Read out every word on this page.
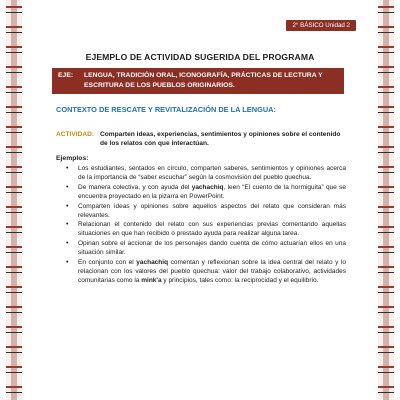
2° BÁSICO Unidad 2
EJEMPLO DE ACTIVIDAD SUGERIDA DEL PROGRAMA
EJE:	LENGUA, TRADICIÓN ORAL, ICONOGRAFÍA, PRÁCTICAS DE LECTURA Y ESCRITURA DE LOS PUEBLOS ORIGINARIOS.
CONTEXTO DE RESCATE Y REVITALIZACIÓN DE LA LENGUA:
ACTIVIDAD: Comparten ideas, experiencias, sentimientos y opiniones sobre el contenido de los relatos con que interactúan.
Ejemplos:
• Los estudiantes, sentados en círculo, comparten saberes, sentimientos y opiniones acerca de la importancia de “saber escuchar” según la cosmovisión del pueblo quechua.
• De manera colectiva, y con ayuda del yachachiq, leen “El cuento de la hormiguita” que se encuentra proyectado en la pizarra en PowerPoint.
• Comparten ideas y opiniones sobre aquellos aspectos del relato que consideran más relevantes.
• Relacionan el contenido del relato con sus experiencias previas comentando aquellas situaciones en que han recibido o prestado ayuda para realizar alguna tarea.
• Opinan sobre el accionar de los personajes dando cuenta de cómo actuarían ellos en una situación similar.
• En conjunto con el yachachiq comentan y reflexionan sobre la idea central del relato y lo relacionan con los valores del pueblo quechua: valor del trabajo colaborativo, actividades comunitarias como la mink'a y principios, tales como: la reciprocidad y el equilibrio.
